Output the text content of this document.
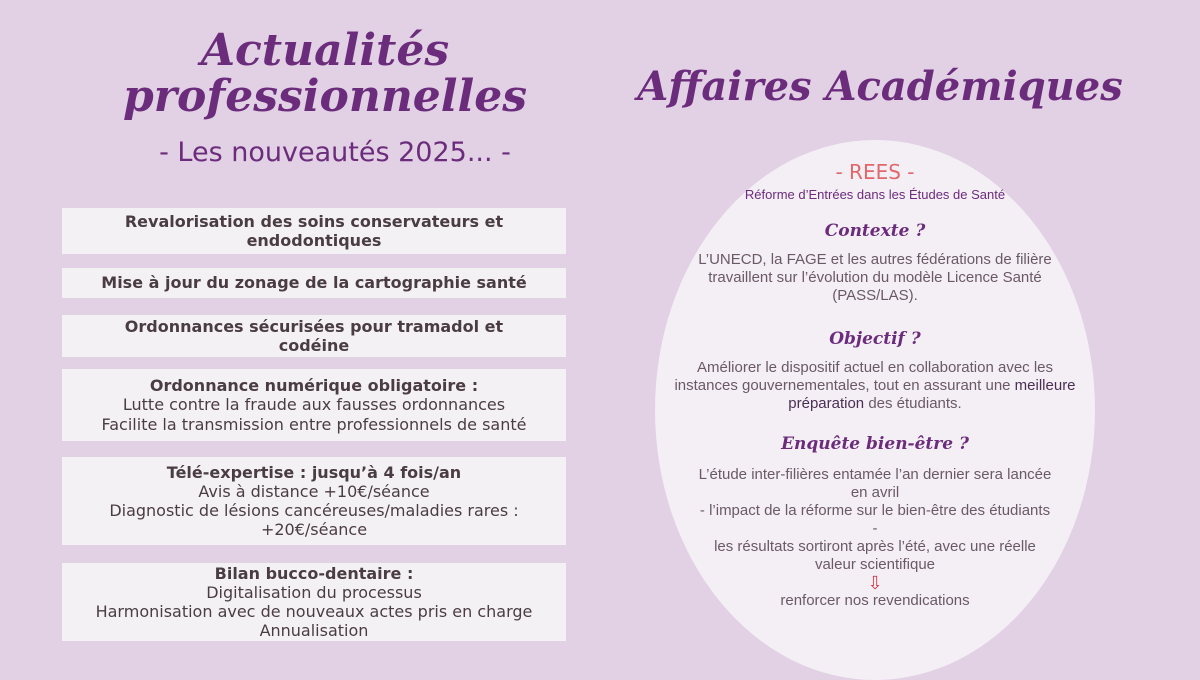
Actualités
professionnelles
- Les nouveautés 2025... -
Revalorisation des soins conservateurs et
endodontiques
Mise à jour du zonage de la cartographie santé
Ordonnances sécurisées pour tramadol et
codéine
Ordonnance numérique obligatoire :
Lutte contre la fraude aux fausses ordonnances
Facilite la transmission entre professionnels de santé
Télé-expertise : jusqu’à 4 fois/an
Avis à distance +10€/séance
Diagnostic de lésions cancéreuses/maladies rares :
+20€/séance
Bilan bucco-dentaire :
Digitalisation du processus
Harmonisation avec de nouveaux actes pris en charge
Annualisation
Affaires Académiques
- REES -
Réforme d’Entrées dans les Études de Santé
Contexte ?
L’UNECD, la FAGE et les autres fédérations de filière travaillent sur l’évolution du modèle Licence Santé (PASS/LAS).
Objectif ?
Améliorer le dispositif actuel en collaboration avec les instances gouvernementales, tout en assurant une meilleure préparation des étudiants.
Enquête bien-être ?
L’étude inter-filières entamée l’an dernier sera lancée
en avril
- l’impact de la réforme sur le bien-être des étudiants
-
les résultats sortiront après l’été, avec une réelle
valeur scientifique
⇩
renforcer nos revendications
